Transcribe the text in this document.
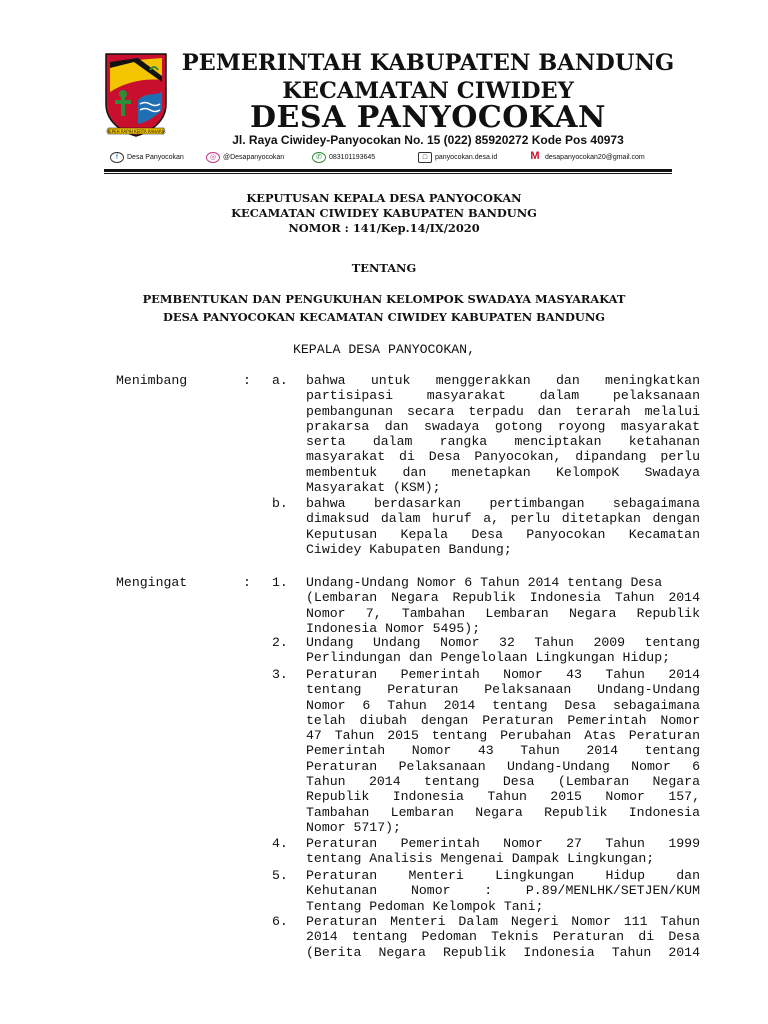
REPEH RAPIH KERTA RAHARJA
PEMERINTAH KABUPATEN BANDUNG
KECAMATAN CIWIDEY
DESA PANYOCOKAN
Jl. Raya Ciwidey-Panyocokan No. 15 (022) 85920272 Kode Pos 40973
f	Desa Panyocokan	◎ @Desapanyocokan	✆	083101193645	□	panyocokan.desa.id	M desapanyocokan20@gmail.com
KEPUTUSAN KEPALA DESA PANYOCOKAN
KECAMATAN CIWIDEY KABUPATEN BANDUNG
NOMOR : 141/Kep.14/IX/2020
TENTANG
PEMBENTUKAN DAN PENGUKUHAN KELOMPOK SWADAYA MASYARAKAT
DESA PANYOCOKAN KECAMATAN CIWIDEY KABUPATEN BANDUNG
KEPALA DESA PANYOCOKAN,
Menimbang	: a. bahwa untuk menggerakkan dan meningkatkan
partisipasi masyarakat dalam pelaksanaan
pembangunan secara terpadu dan terarah melalui
prakarsa dan swadaya gotong royong masyarakat
serta dalam rangka menciptakan ketahanan
masyarakat di Desa Panyocokan, dipandang perlu
membentuk dan menetapkan KelompoK Swadaya
Masyarakat (KSM);
b. bahwa berdasarkan pertimbangan sebagaimana
dimaksud dalam huruf a, perlu ditetapkan dengan
Keputusan Kepala Desa Panyocokan Kecamatan
Ciwidey Kabupaten Bandung;
Mengingat	: 1. Undang-Undang Nomor 6 Tahun 2014 tentang Desa
(Lembaran Negara Republik Indonesia Tahun 2014
Nomor 7, Tambahan Lembaran Negara Republik
Indonesia Nomor 5495);
2. Undang Undang Nomor 32 Tahun 2009 tentang
Perlindungan dan Pengelolaan Lingkungan Hidup;
3. Peraturan Pemerintah Nomor 43 Tahun 2014
tentang Peraturan Pelaksanaan Undang-Undang
Nomor 6 Tahun 2014 tentang Desa sebagaimana
telah diubah dengan Peraturan Pemerintah Nomor
47 Tahun 2015 tentang Perubahan Atas Peraturan
Pemerintah Nomor 43 Tahun 2014 tentang
Peraturan Pelaksanaan Undang-Undang Nomor 6
Tahun 2014 tentang Desa (Lembaran Negara
Republik Indonesia Tahun 2015 Nomor 157,
Tambahan Lembaran Negara Republik Indonesia
Nomor 5717);
4. Peraturan Pemerintah Nomor 27 Tahun 1999
tentang Analisis Mengenai Dampak Lingkungan;
5. Peraturan Menteri Lingkungan Hidup dan
Kehutanan Nomor : P.89/MENLHK/SETJEN/KUM
Tentang Pedoman Kelompok Tani;
6. Peraturan Menteri Dalam Negeri Nomor 111 Tahun
2014 tentang Pedoman Teknis Peraturan di Desa
(Berita Negara Republik Indonesia Tahun 2014
